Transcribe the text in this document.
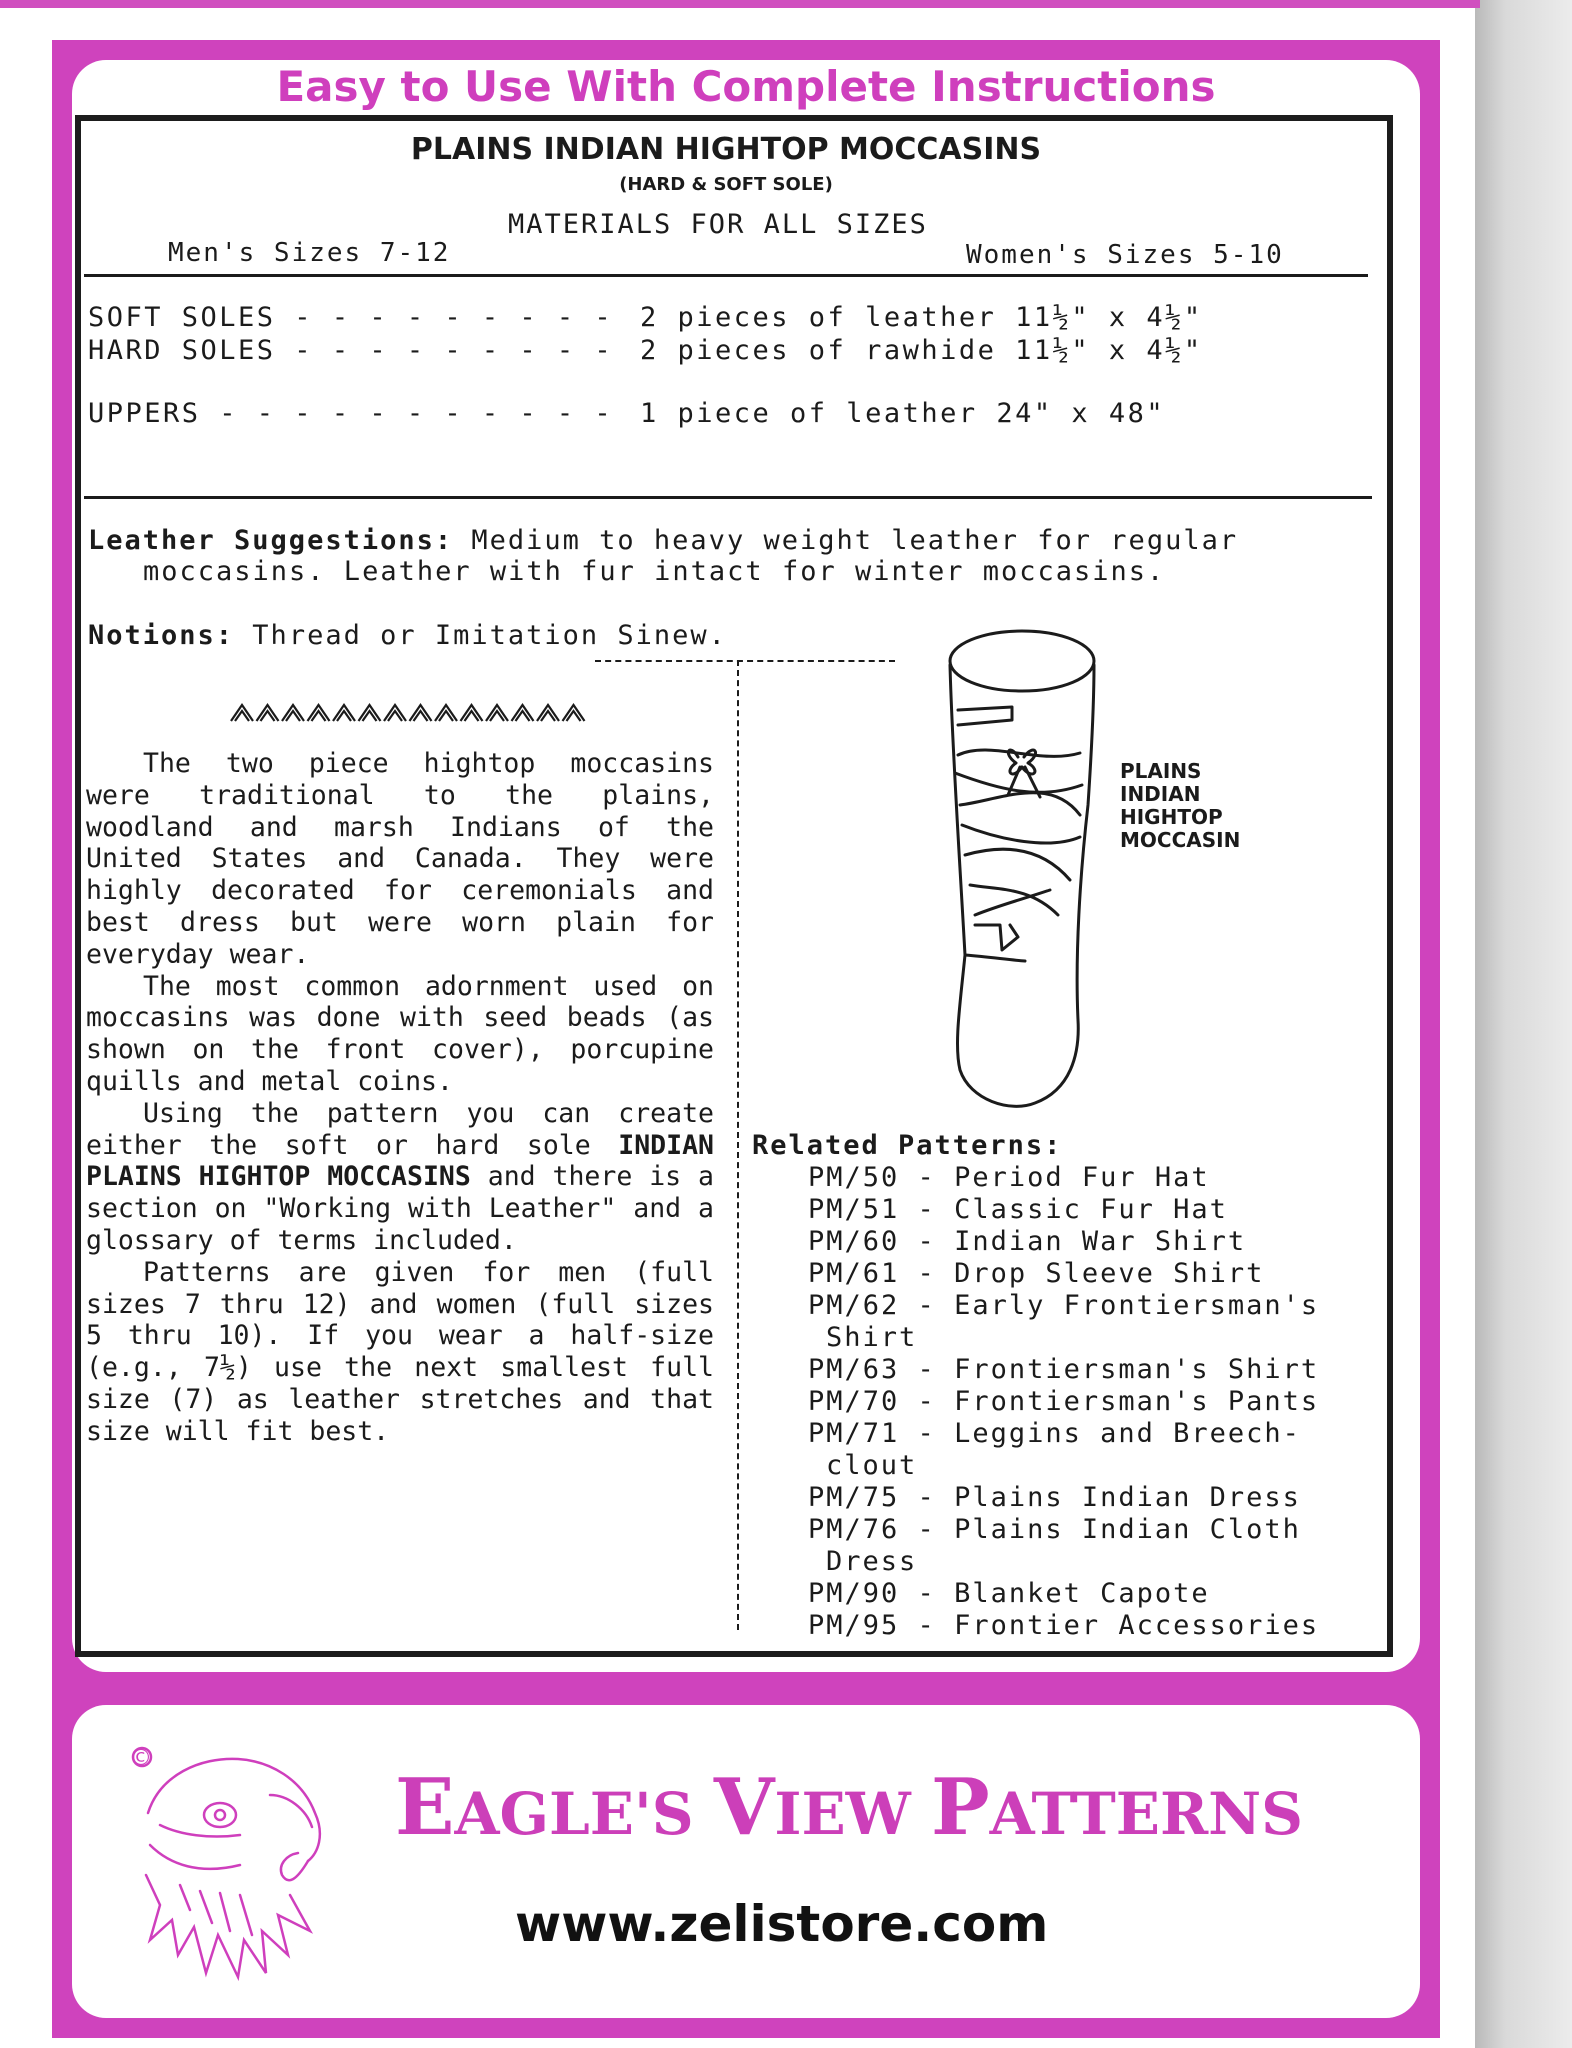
Easy to Use With Complete Instructions
PLAINS INDIAN HIGHTOP MOCCASINS
(HARD & SOFT SOLE)
MATERIALS FOR ALL SIZES
Men's Sizes 7-12	Women's Sizes 5-10
SOFT SOLES - - - - - - - - - 2 pieces of leather 11½" x 4½"
HARD SOLES - - - - - - - - - 2 pieces of rawhide 11½" x 4½"
UPPERS - - - - - - - - - - - 1 piece of leather 24" x 48"
Leather Suggestions: Medium to heavy weight leather for regular
moccasins. Leather with fur intact for winter moccasins.
Notions: Thread or Imitation Sinew.

The two piece hightop moccasins were traditional to the plains, woodland and marsh Indians of the United States and Canada. They were highly decorated for ceremonials and best dress but were worn plain for everyday wear.

The most common adornment used on moccasins was done with seed beads (as shown on the front cover), porcupine quills and metal coins.

Using the pattern you can create either the soft or hard sole INDIAN PLAINS HIGHTOP MOCCASINS and there is a section on "Working with Leather" and a glossary of terms included.

Patterns are given for men (full sizes 7 thru 12) and women (full sizes 5 thru 10). If you wear a half-size (e.g., 7½) use the next smallest full size (7) as leather stretches and that size will fit best.

PLAINS
INDIAN
HIGHTOP
MOCCASIN
Related Patterns:
PM/50 - Period Fur Hat
PM/51 - Classic Fur Hat
PM/60 - Indian War Shirt
PM/61 - Drop Sleeve Shirt
PM/62 - Early Frontiersman's
Shirt
PM/63 - Frontiersman's Shirt
PM/70 - Frontiersman's Pants
PM/71 - Leggins and Breech-
clout
PM/75 - Plains Indian Dress
PM/76 - Plains Indian Cloth
Dress
PM/90 - Blanket Capote
PM/95 - Frontier Accessories
©
EAGLE'S VIEW PATTERNS
www.zelistore.com
